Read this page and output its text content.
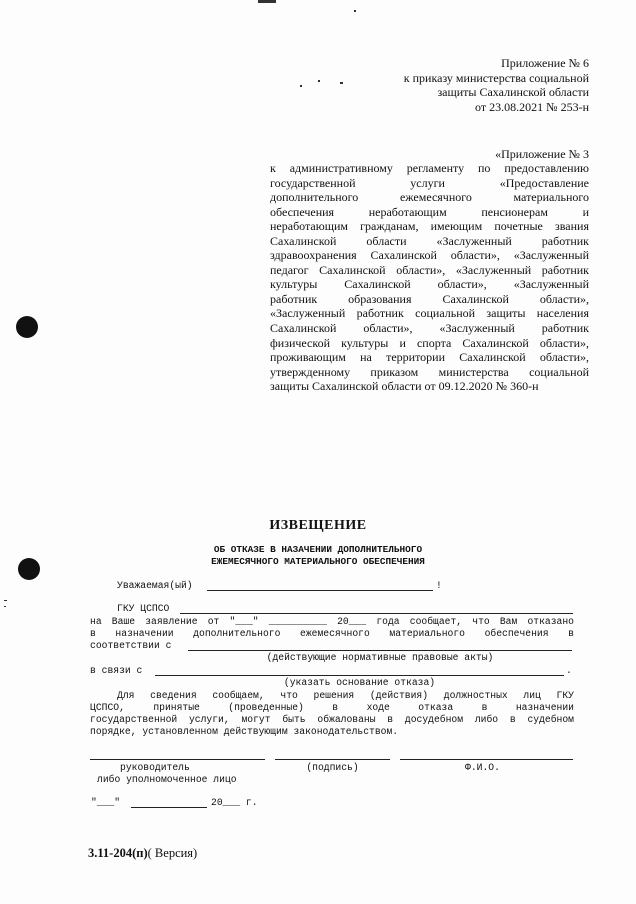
Приложение № 6
к приказу министерства социальной
защиты Сахалинской области
от 23.08.2021 № 253-н
«Приложение № 3
к административному регламенту по предоставлению
государственной услуги «Предоставление
дополнительного ежемесячного материального
обеспечения неработающим пенсионерам и
неработающим гражданам, имеющим почетные звания
Сахалинской области «Заслуженный работник
здравоохранения Сахалинской области», «Заслуженный
педагог Сахалинской области», «Заслуженный работник
культуры Сахалинской области», «Заслуженный
работник образования Сахалинской области»,
«Заслуженный работник социальной защиты населения
Сахалинской области», «Заслуженный работник
физической культуры и спорта Сахалинской области»,
проживающим на территории Сахалинской области»,
утвержденному приказом министерства социальной
защиты Сахалинской области от 09.12.2020 № 360-н
ИЗВЕЩЕНИЕ
ОБ ОТКАЗЕ В НАЗАЧЕНИИ ДОПОЛНИТЕЛЬНОГО
ЕЖЕМЕСЯЧНОГО МАТЕРИАЛЬНОГО ОБЕСПЕЧЕНИЯ
Уважаемая(ый)	!
ГКУ ЦСПСО
на Ваше заявление от "___" __________ 20___ года сообщает, что Вам отказано
в назначении дополнительного ежемесячного материального обеспечения в
соответствии с
(действующие нормативные правовые акты)
в связи с	.
(указать основание отказа)
Для сведения сообщаем, что решения (действия) должностных лиц ГКУ
ЦСПСО, принятые (проведенные) в ходе отказа в назначении
государственной услуги, могут быть обжалованы в досудебном либо в судебном
порядке, установленном действующим законодательством.
руководитель
либо уполномоченное лицо
(подпись)	Ф.И.О.
"___"	20___ г.
3.11-204(п)( Версия)
